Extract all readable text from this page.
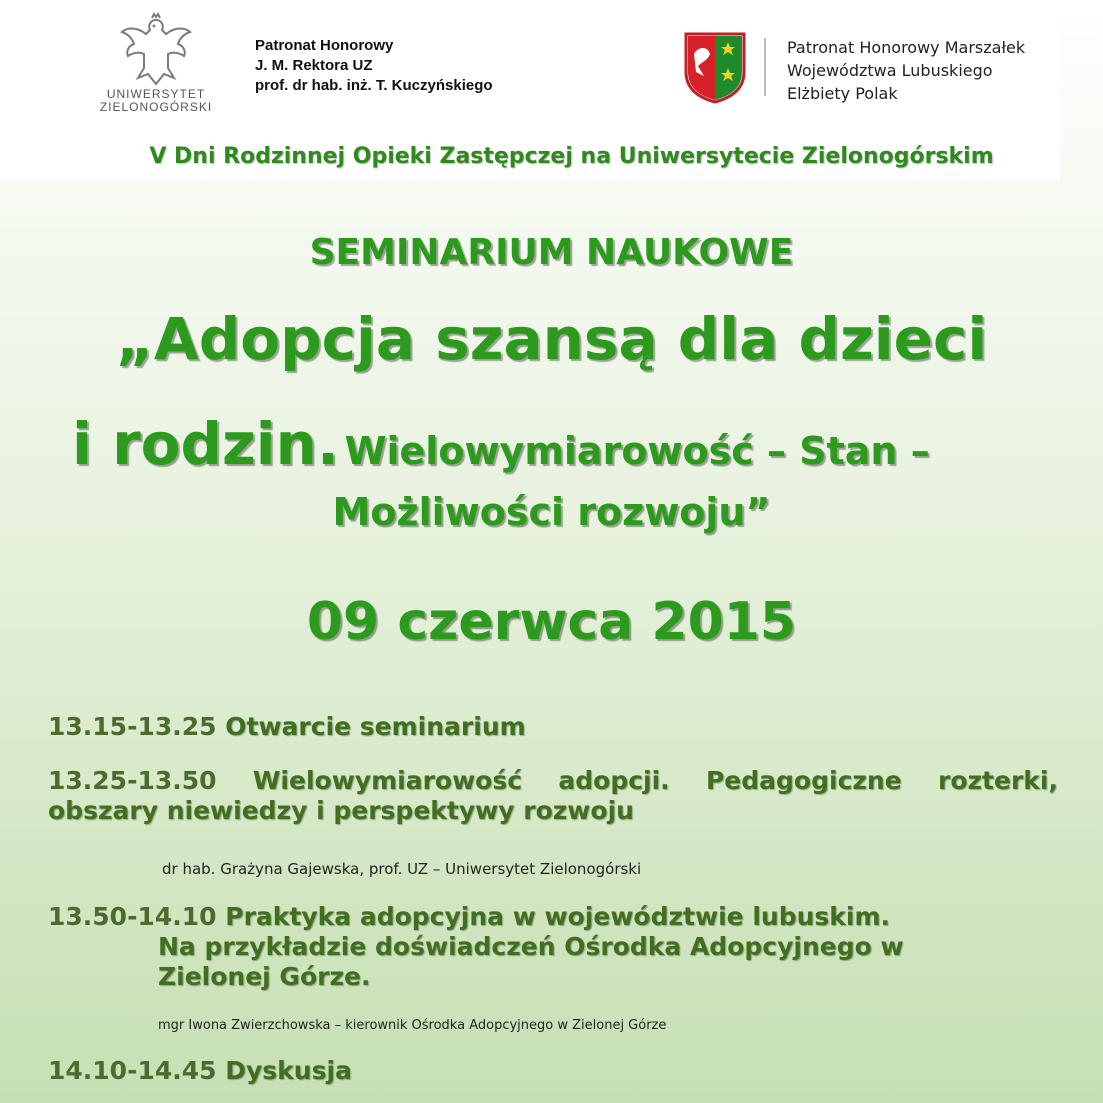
UNIWERSYTET
ZIELONOGÓRSKI
Patronat Honorowy
J. M. Rektora UZ
prof. dr hab. inż. T. Kuczyńskiego
Patronat Honorowy Marszałek
Województwa Lubuskiego
Elżbiety Polak
V Dni Rodzinnej Opieki Zastępczej na Uniwersytecie Zielonogórskim
SEMINARIUM NAUKOWE
„Adopcja szansą dla dzieci
i rodzin. Wielowymiarowość – Stan –
Możliwości rozwoju”
09 czerwca 2015
13.15-13.25 Otwarcie seminarium
13.25-13.50 Wielowymiarowość adopcji. Pedagogiczne rozterki, obszary niewiedzy i perspektywy rozwoju
dr hab. Grażyna Gajewska, prof. UZ – Uniwersytet Zielonogórski
13.50-14.10 Praktyka adopcyjna w województwie lubuskim.
Na przykładzie doświadczeń Ośrodka Adopcyjnego w
Zielonej Górze.
mgr Iwona Zwierzchowska – kierownik Ośrodka Adopcyjnego w Zielonej Górze
14.10-14.45 Dyskusja
